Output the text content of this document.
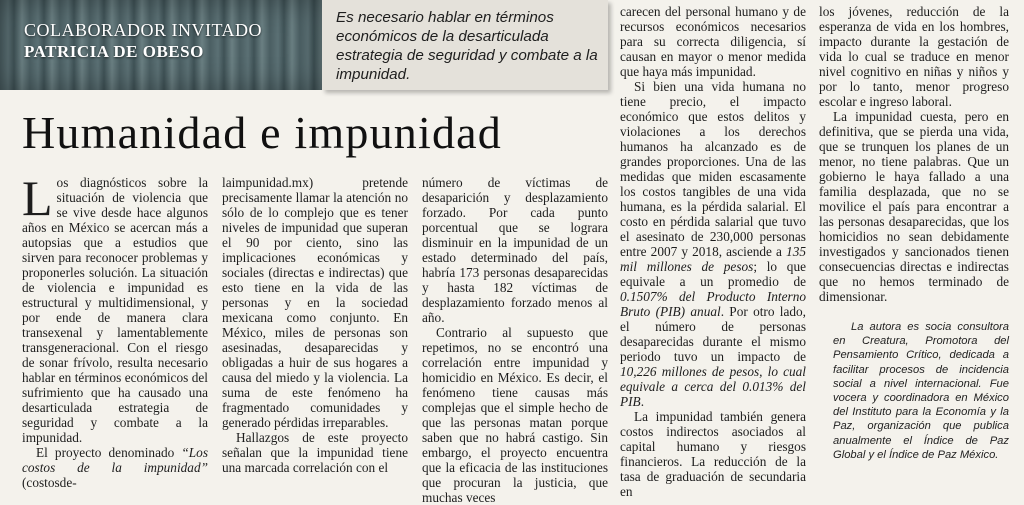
COLABORADOR INVITADO
PATRICIA DE OBESO

Es necesario hablar en términos económicos de la desarticulada estrategia de seguridad y combate a la impunidad.

Humanidad e impunidad

Los diagnósticos sobre la situación de violencia que se vive desde hace algunos años en México se acercan más a autopsias que a estudios que sirven para reconocer problemas y proponerles solución. La situación de violencia e impunidad es estructural y multidimensional, y por ende de manera clara transexenal y lamentablemente transgeneracional. Con el riesgo de sonar frívolo, resulta necesario hablar en términos económicos del sufrimiento que ha causado una desarticulada estrategia de seguridad y combate a la impunidad.

El proyecto denominado “Los costos de la impunidad” (costosde-

laimpunidad.mx) pretende precisamente llamar la atención no sólo de lo complejo que es tener niveles de impunidad que superan el 90 por ciento, sino las implicaciones económicas y sociales (directas e indirectas) que esto tiene en la vida de las personas y en la sociedad mexicana como conjunto. En México, miles de personas son asesinadas, desaparecidas y obligadas a huir de sus hogares a causa del miedo y la violencia. La suma de este fenómeno ha fragmentado comunidades y generado pérdidas irreparables.

Hallazgos de este proyecto señalan que la impunidad tiene una marcada correlación con el

número de víctimas de desaparición y desplazamiento forzado. Por cada punto porcentual que se lograra disminuir en la impunidad de un estado determinado del país, habría 173 personas desaparecidas y hasta 182 víctimas de desplazamiento forzado menos al año.

Contrario al supuesto que repetimos, no se encontró una correlación entre impunidad y homicidio en México. Es decir, el fenómeno tiene causas más complejas que el simple hecho de que las personas matan porque saben que no habrá castigo. Sin embargo, el proyecto encuentra que la eficacia de las instituciones que procuran la justicia, que muchas veces

carecen del personal humano y de recursos económicos necesarios para su correcta diligencia, sí causan en mayor o menor medida que haya más impunidad.

Si bien una vida humana no tiene precio, el impacto económico que estos delitos y violaciones a los derechos humanos ha alcanzado es de grandes proporciones. Una de las medidas que miden escasamente los costos tangibles de una vida humana, es la pérdida salarial. El costo en pérdida salarial que tuvo el asesinato de 230,000 personas entre 2007 y 2018, asciende a 135 mil millones de pesos; lo que equivale a un promedio de 0.1507% del Producto Interno Bruto (PIB) anual. Por otro lado, el número de personas desaparecidas durante el mismo periodo tuvo un impacto de 10,226 millones de pesos, lo cual equivale a cerca del 0.013% del PIB.

La impunidad también genera costos indirectos asociados al capital humano y riesgos financieros. La reducción de la tasa de graduación de secundaria en

los jóvenes, reducción de la esperanza de vida en los hombres, impacto durante la gestación de vida lo cual se traduce en menor nivel cognitivo en niñas y niños y por lo tanto, menor progreso escolar e ingreso laboral.

La impunidad cuesta, pero en definitiva, que se pierda una vida, que se trunquen los planes de un menor, no tiene palabras. Que un gobierno le haya fallado a una familia desplazada, que no se movilice el país para encontrar a las personas desaparecidas, que los homicidios no sean debidamente investigados y sancionados tienen consecuencias directas e indirectas que no hemos terminado de dimensionar.

La autora es socia consultora en Creatura, Promotora del Pensamiento Crítico, dedicada a facilitar procesos de incidencia social a nivel internacional. Fue vocera y coordinadora en México del Instituto para la Economía y la Paz, organización que publica anualmente el Índice de Paz Global y el Índice de Paz México.
